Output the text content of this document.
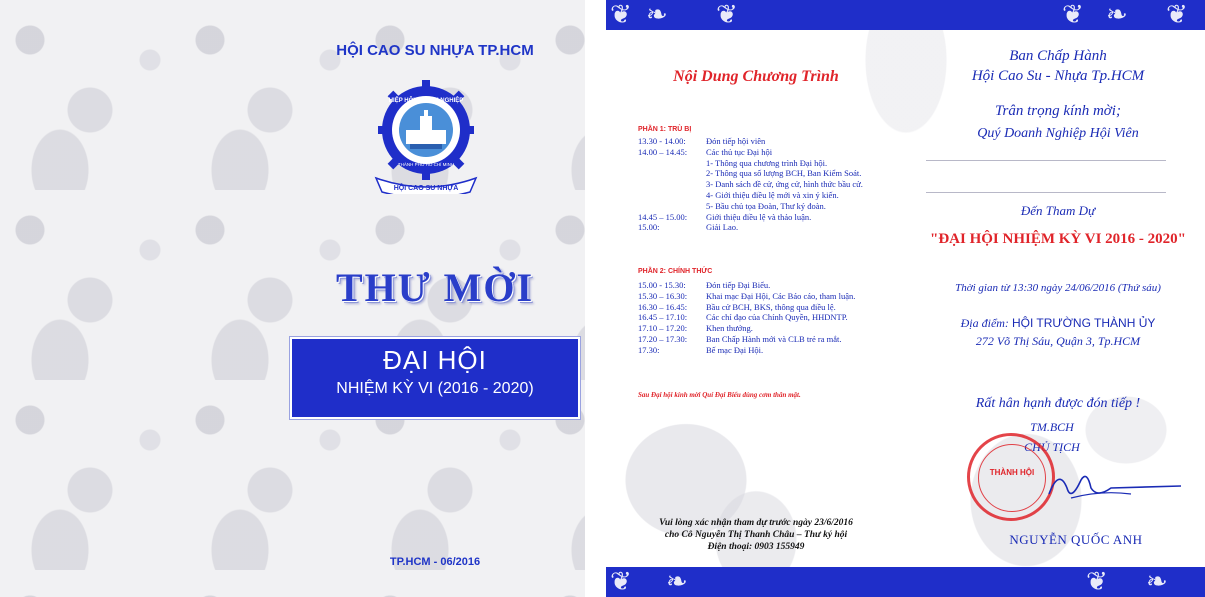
HỘI CAO SU NHỰA TP.HCM
HIỆP HỘI DOANH NGHIỆP
THÀNH PHỐ HỒ CHÍ MINH
HỘI CAO SU NHỰA
THƯ MỜI
ĐẠI HỘI
NHIỆM KỲ VI (2016 - 2020)
TP.HCM - 06/2016
❦ ❧ ❦	❦ ❧ ❦
Nội Dung Chương Trình
PHẦN 1: TRÙ BỊ
13.30 - 14.00:	Đón tiếp hội viên
14.00 – 14.45:	Các thủ tục Đại hội
1- Thông qua chương trình Đại hội.
2- Thông qua số lượng BCH, Ban Kiểm Soát.
3- Danh sách đề cử, ứng cử, hình thức bầu cử.
4- Giới thiệu điều lệ mới và xin ý kiến.
5- Bầu chủ tọa Đoàn, Thư ký đoàn.
14.45 – 15.00:	Giới thiệu điều lệ và thảo luận.
15.00:	Giải Lao.
PHẦN 2: CHÍNH THỨC
15.00 - 15.30:	Đón tiếp Đại Biểu.
15.30 – 16.30:	Khai mạc Đại Hội, Các Báo cáo, tham luận.
16.30 – 16.45:	Bầu cử BCH, BKS, thông qua điều lệ.
16.45 – 17.10:	Các chỉ đạo của Chính Quyền, HHDNTP.
17.10 – 17.20:	Khen thưởng.
17.20 – 17.30:	Ban Chấp Hành mới và CLB trẻ ra mắt.
17.30:	Bế mạc Đại Hội.
Sau Đại hội kính mời Quí Đại Biểu dùng cơm thân mật.
Vui lòng xác nhận tham dự trước ngày 23/6/2016
cho Cô Nguyễn Thị Thanh Châu – Thư ký hội
Điện thoại: 0903 155949
Ban Chấp Hành
Hội Cao Su - Nhựa Tp.HCM
Trân trọng kính mời;
Quý Doanh Nghiệp Hội Viên
Đến Tham Dự
"ĐẠI HỘI NHIỆM KỲ VI 2016 - 2020"
Thời gian từ 13:30 ngày 24/06/2016 (Thứ sáu)
Địa điểm: HỘI TRƯỜNG THÀNH ỦY
272 Võ Thị Sáu, Quận 3, Tp.HCM
Rất hân hạnh được đón tiếp !
TM.BCH
CHỦ TỊCH
THÀNH HỘI
NGUYỄN QUỐC ANH
❦ ❧	❦ ❧
